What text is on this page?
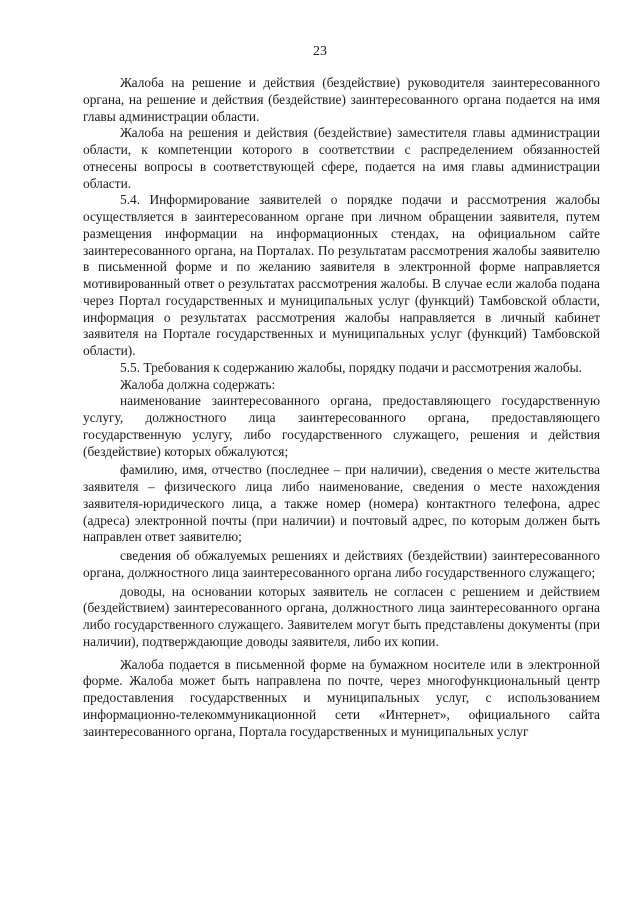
23

Жалоба на решение и действия (бездействие) руководителя заинтересованного органа, на решение и действия (бездействие) заинтересованного органа подается на имя главы администрации области.

Жалоба на решения и действия (бездействие) заместителя главы администрации области, к компетенции которого в соответствии с распределением обязанностей отнесены вопросы в соответствующей сфере, подается на имя главы администрации области.

5.4. Информирование заявителей о порядке подачи и рассмотрения жалобы осуществляется в заинтересованном органе при личном обращении заявителя, путем размещения информации на информационных стендах, на официальном сайте заинтересованного органа, на Порталах. По результатам рассмотрения жалобы заявителю в письменной форме и по желанию заявителя в электронной форме направляется мотивированный ответ о результатах рассмотрения жалобы. В случае если жалоба подана через Портал государственных и муниципальных услуг (функций) Тамбовской области, информация о результатах рассмотрения жалобы направляется в личный кабинет заявителя на Портале государственных и муниципальных услуг (функций) Тамбовской области).

5.5. Требования к содержанию жалобы, порядку подачи и рассмотрения жалобы.

Жалоба должна содержать:

наименование заинтересованного органа, предоставляющего государственную услугу, должностного лица заинтересованного органа, предоставляющего государственную услугу, либо государственного служащего, решения и действия (бездействие) которых обжалуются;

фамилию, имя, отчество (последнее – при наличии), сведения о месте жительства заявителя – физического лица либо наименование, сведения о месте нахождения заявителя-юридического лица, а также номер (номера) контактного телефона, адрес (адреса) электронной почты (при наличии) и почтовый адрес, по которым должен быть направлен ответ заявителю;

сведения об обжалуемых решениях и действиях (бездействии) заинтересованного органа, должностного лица заинтересованного органа либо государственного служащего;

доводы, на основании которых заявитель не согласен с решением и действием (бездействием) заинтересованного органа, должностного лица заинтересованного органа либо государственного служащего. Заявителем могут быть представлены документы (при наличии), подтверждающие доводы заявителя, либо их копии.

Жалоба подается в письменной форме на бумажном носителе или в электронной форме. Жалоба может быть направлена по почте, через многофункциональный центр предоставления государственных и муниципальных услуг, с использованием информационно-телекоммуникационной сети «Интернет», официального сайта заинтересованного органа, Портала государственных и муниципальных услуг
